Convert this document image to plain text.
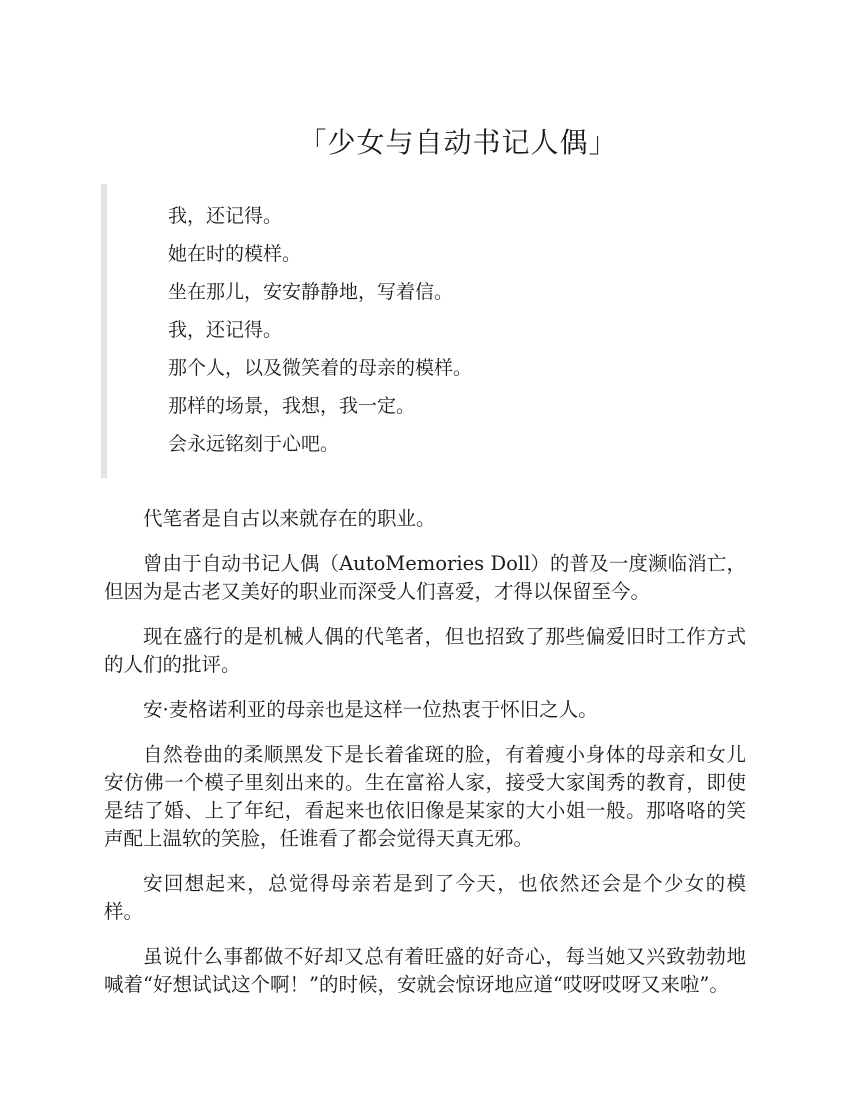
「少女与自动书记人偶」
我，还记得。
她在时的模样。
坐在那儿，安安静静地，写着信。
我，还记得。
那个人，以及微笑着的母亲的模样。
那样的场景，我想，我一定。
会永远铭刻于心吧。

代笔者是自古以来就存在的职业。

曾由于自动书记人偶（AutoMemories Doll）的普及一度濒临消亡，但因为是古老又美好的职业而深受人们喜爱，才得以保留至今。

现在盛行的是机械人偶的代笔者，但也招致了那些偏爱旧时工作方式的人们的批评。

安·麦格诺利亚的母亲也是这样一位热衷于怀旧之人。

自然卷曲的柔顺黑发下是长着雀斑的脸，有着瘦小身体的母亲和女儿安仿佛一个模子里刻出来的。生在富裕人家，接受大家闺秀的教育，即使是结了婚、上了年纪，看起来也依旧像是某家的大小姐一般。那咯咯的笑声配上温软的笑脸，任谁看了都会觉得天真无邪。

安回想起来，总觉得母亲若是到了今天，也依然还会是个少女的模样。

虽说什么事都做不好却又总有着旺盛的好奇心，每当她又兴致勃勃地喊着“好想试试这个啊！”的时候，安就会惊讶地应道“哎呀哎呀又来啦”。
